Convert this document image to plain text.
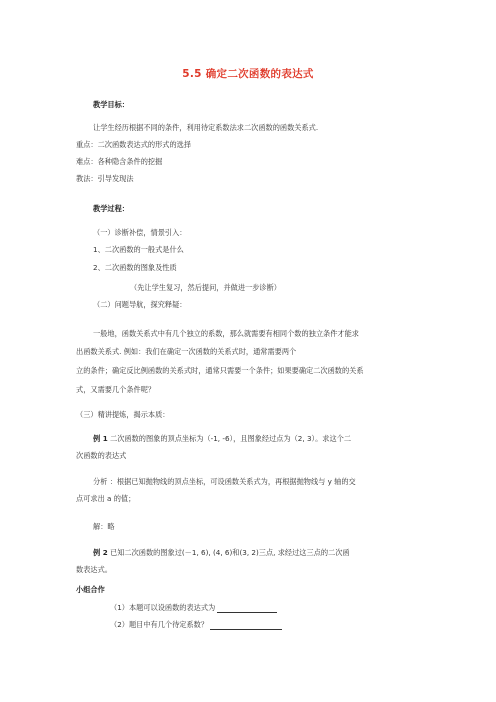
5.5 确定二次函数的表达式
教学目标：
让学生经历根据不同的条件，利用待定系数法求二次函数的函数关系式.
重点：二次函数表达式的形式的选择
难点：各种隐含条件的挖掘
教法：引导发现法
教学过程：
（一）诊断补偿，情景引入：
1、二次函数的一般式是什么
2、二次函数的图象及性质
（先让学生复习，然后提问，并做进一步诊断）
（二）问题导航，探究释疑：
一般地，函数关系式中有几个独立的系数，那么就需要有相同个数的独立条件才能求
出函数关系式. 例如：我们在确定一次函数的关系式时，通常需要两个
立的条件；确定反比例函数的关系式时，通常只需要一个条件；如果要确定二次函数的关系
式，又需要几个条件呢？
（三）精讲提炼，揭示本质：
例 1 二次函数的图象的顶点坐标为（-1, -6），且图象经过点为（2, 3）。求这个二
次函数的表达式
分析 ：根据已知抛物线的顶点坐标，可设函数关系式为，再根据抛物线与 y 轴的交
点可求出 a 的值；
解：略
例 2 已知二次函数的图象过(－1, 6), (4, 6)和(3, 2)三点, 求经过这三点的二次函
数表达式。
小组合作
（1）本题可以设函数的表达式为
（2）题目中有几个待定系数？
